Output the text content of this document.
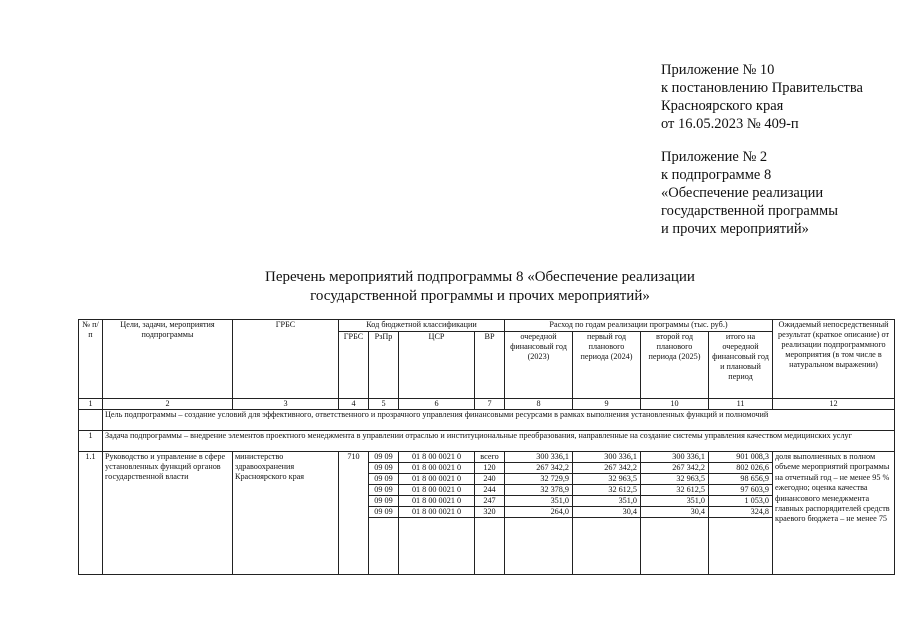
Приложение № 10
к постановлению Правительства
Красноярского края
от 16.05.2023 № 409-п
Приложение № 2
к подпрограмме 8
«Обеспечение реализации
государственной программы
и прочих мероприятий»
Перечень мероприятий подпрограммы 8 «Обеспечение реализации
государственной программы и прочих мероприятий»
№ п/п	Цели, задачи, мероприятия подпрограммы	ГРБС	Код бюджетной классификации				Расход по годам реализации программы (тыс. руб.)				Ожидаемый непосредственный результат (краткое описание) от реализации подпрограммного мероприятия (в том числе в натуральном выражении)
			ГРБС	РзПр	ЦСР	ВР	очередной финансовый год (2023)	первый год планового периода (2024)	второй год планового периода (2025)	итого на очередной финансовый год и плановый период	
1	2	3	4	5	6	7	8	9	10	11	12
	Цель подпрограммы – создание условий для эффективного, ответственного и прозрачного управления финансовыми ресурсами в рамках выполнения установленных функций и полномочий										
1	Задача подпрограммы – внедрение элементов проектного менеджмента в управлении отраслью и институциональные преобразования, направленные на создание системы управления качеством медицинских услуг										
1.1	Руководство и управление в сфере установленных функций органов государственной власти	министерство здравоохранения Красноярского края	710	09 09	01 8 00 0021 0	всего	300 336,1	300 336,1	300 336,1	901 008,3	доля выполненных в полном объеме мероприятий программы на отчетный год – не менее 95 % ежегодно; оценка качества финансового менеджмента главных распорядителей средств краевого бюджета – не менее 75
				09 09	01 8 00 0021 0	120	267 342,2	267 342,2	267 342,2	802 026,6	
				09 09	01 8 00 0021 0	240	32 729,9	32 963,5	32 963,5	98 656,9	
				09 09	01 8 00 0021 0	244	32 378,9	32 612,5	32 612,5	97 603,9	
				09 09	01 8 00 0021 0	247	351,0	351,0	351,0	1 053,0	
				09 09	01 8 00 0021 0	320	264,0	30,4	30,4	324,8	
